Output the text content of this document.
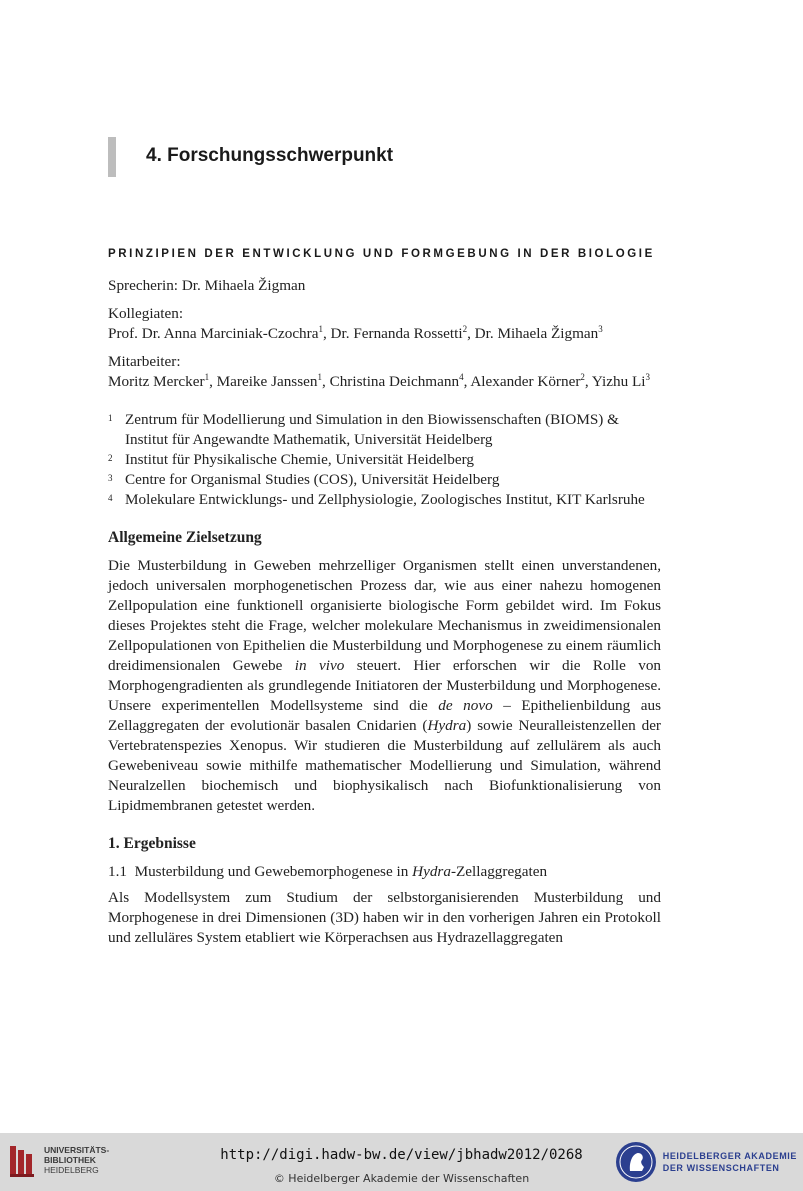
4. Forschungsschwerpunkt
PRINZIPIEN DER ENTWICKLUNG UND FORMGEBUNG IN DER BIOLOGIE

Sprecherin: Dr. Mihaela Žigman

Kollegiaten:

Prof. Dr. Anna Marciniak-Czochra$^1$, Dr. Fernanda Rossetti$^2$, Dr. Mihaela Žigman$^3$

Mitarbeiter:

Moritz Mercker$^1$, Mareike Janssen$^1$, Christina Deichmann$^4$, Alexander Körner$^2$, Yizhu Li$^3$

1 Zentrum für Modellierung und Simulation in den Biowissenschaften (BIOMS) & Institut für Angewandte Mathematik, Universität Heidelberg
2 Institut für Physikalische Chemie, Universität Heidelberg
3 Centre for Organismal Studies (COS), Universität Heidelberg
4 Molekulare Entwicklungs- und Zellphysiologie, Zoologisches Institut, KIT Karlsruhe

Allgemeine Zielsetzung

Die Musterbildung in Geweben mehrzelliger Organismen stellt einen unverstandenen, jedoch universalen morphogenetischen Prozess dar, wie aus einer nahezu homogenen Zellpopulation eine funktionell organisierte biologische Form gebildet wird. Im Fokus dieses Projektes steht die Frage, welcher molekulare Mechanismus in zweidimensionalen Zellpopulationen von Epithelien die Musterbildung und Morphogenese zu einem räumlich dreidimensionalen Gewebe in vivo steuert. Hier erforschen wir die Rolle von Morphogengradienten als grundlegende Initiatoren der Musterbildung und Morphogenese. Unsere experimentellen Modellsysteme sind die de novo – Epithelienbildung aus Zellaggregaten der evolutionär basalen Cnidarien (Hydra) sowie Neuralleistenzellen der Vertebratenspezies Xenopus. Wir studieren die Musterbildung auf zellulärem als auch Gewebeniveau sowie mithilfe mathematischer Modellierung und Simulation, während Neuralzellen biochemisch und biophysikalisch nach Biofunktionalisierung von Lipidmembranen getestet werden.

1. Ergebnisse

1.1 Musterbildung und Gewebemorphogenese in Hydra-Zellaggregaten

Als Modellsystem zum Studium der selbstorganisierenden Musterbildung und Morphogenese in drei Dimensionen (3D) haben wir in den vorherigen Jahren ein Protokoll und zelluläres System etabliert wie Körperachsen aus Hydrazellaggregaten

UNIVERSITÄTS-
BIBLIOTHEK
HEIDELBERG
http://digi.hadw-bw.de/view/jbhadw2012/0268
© Heidelberger Akademie der Wissenschaften
HEIDELBERGER AKADEMIE
DER WISSENSCHAFTEN
